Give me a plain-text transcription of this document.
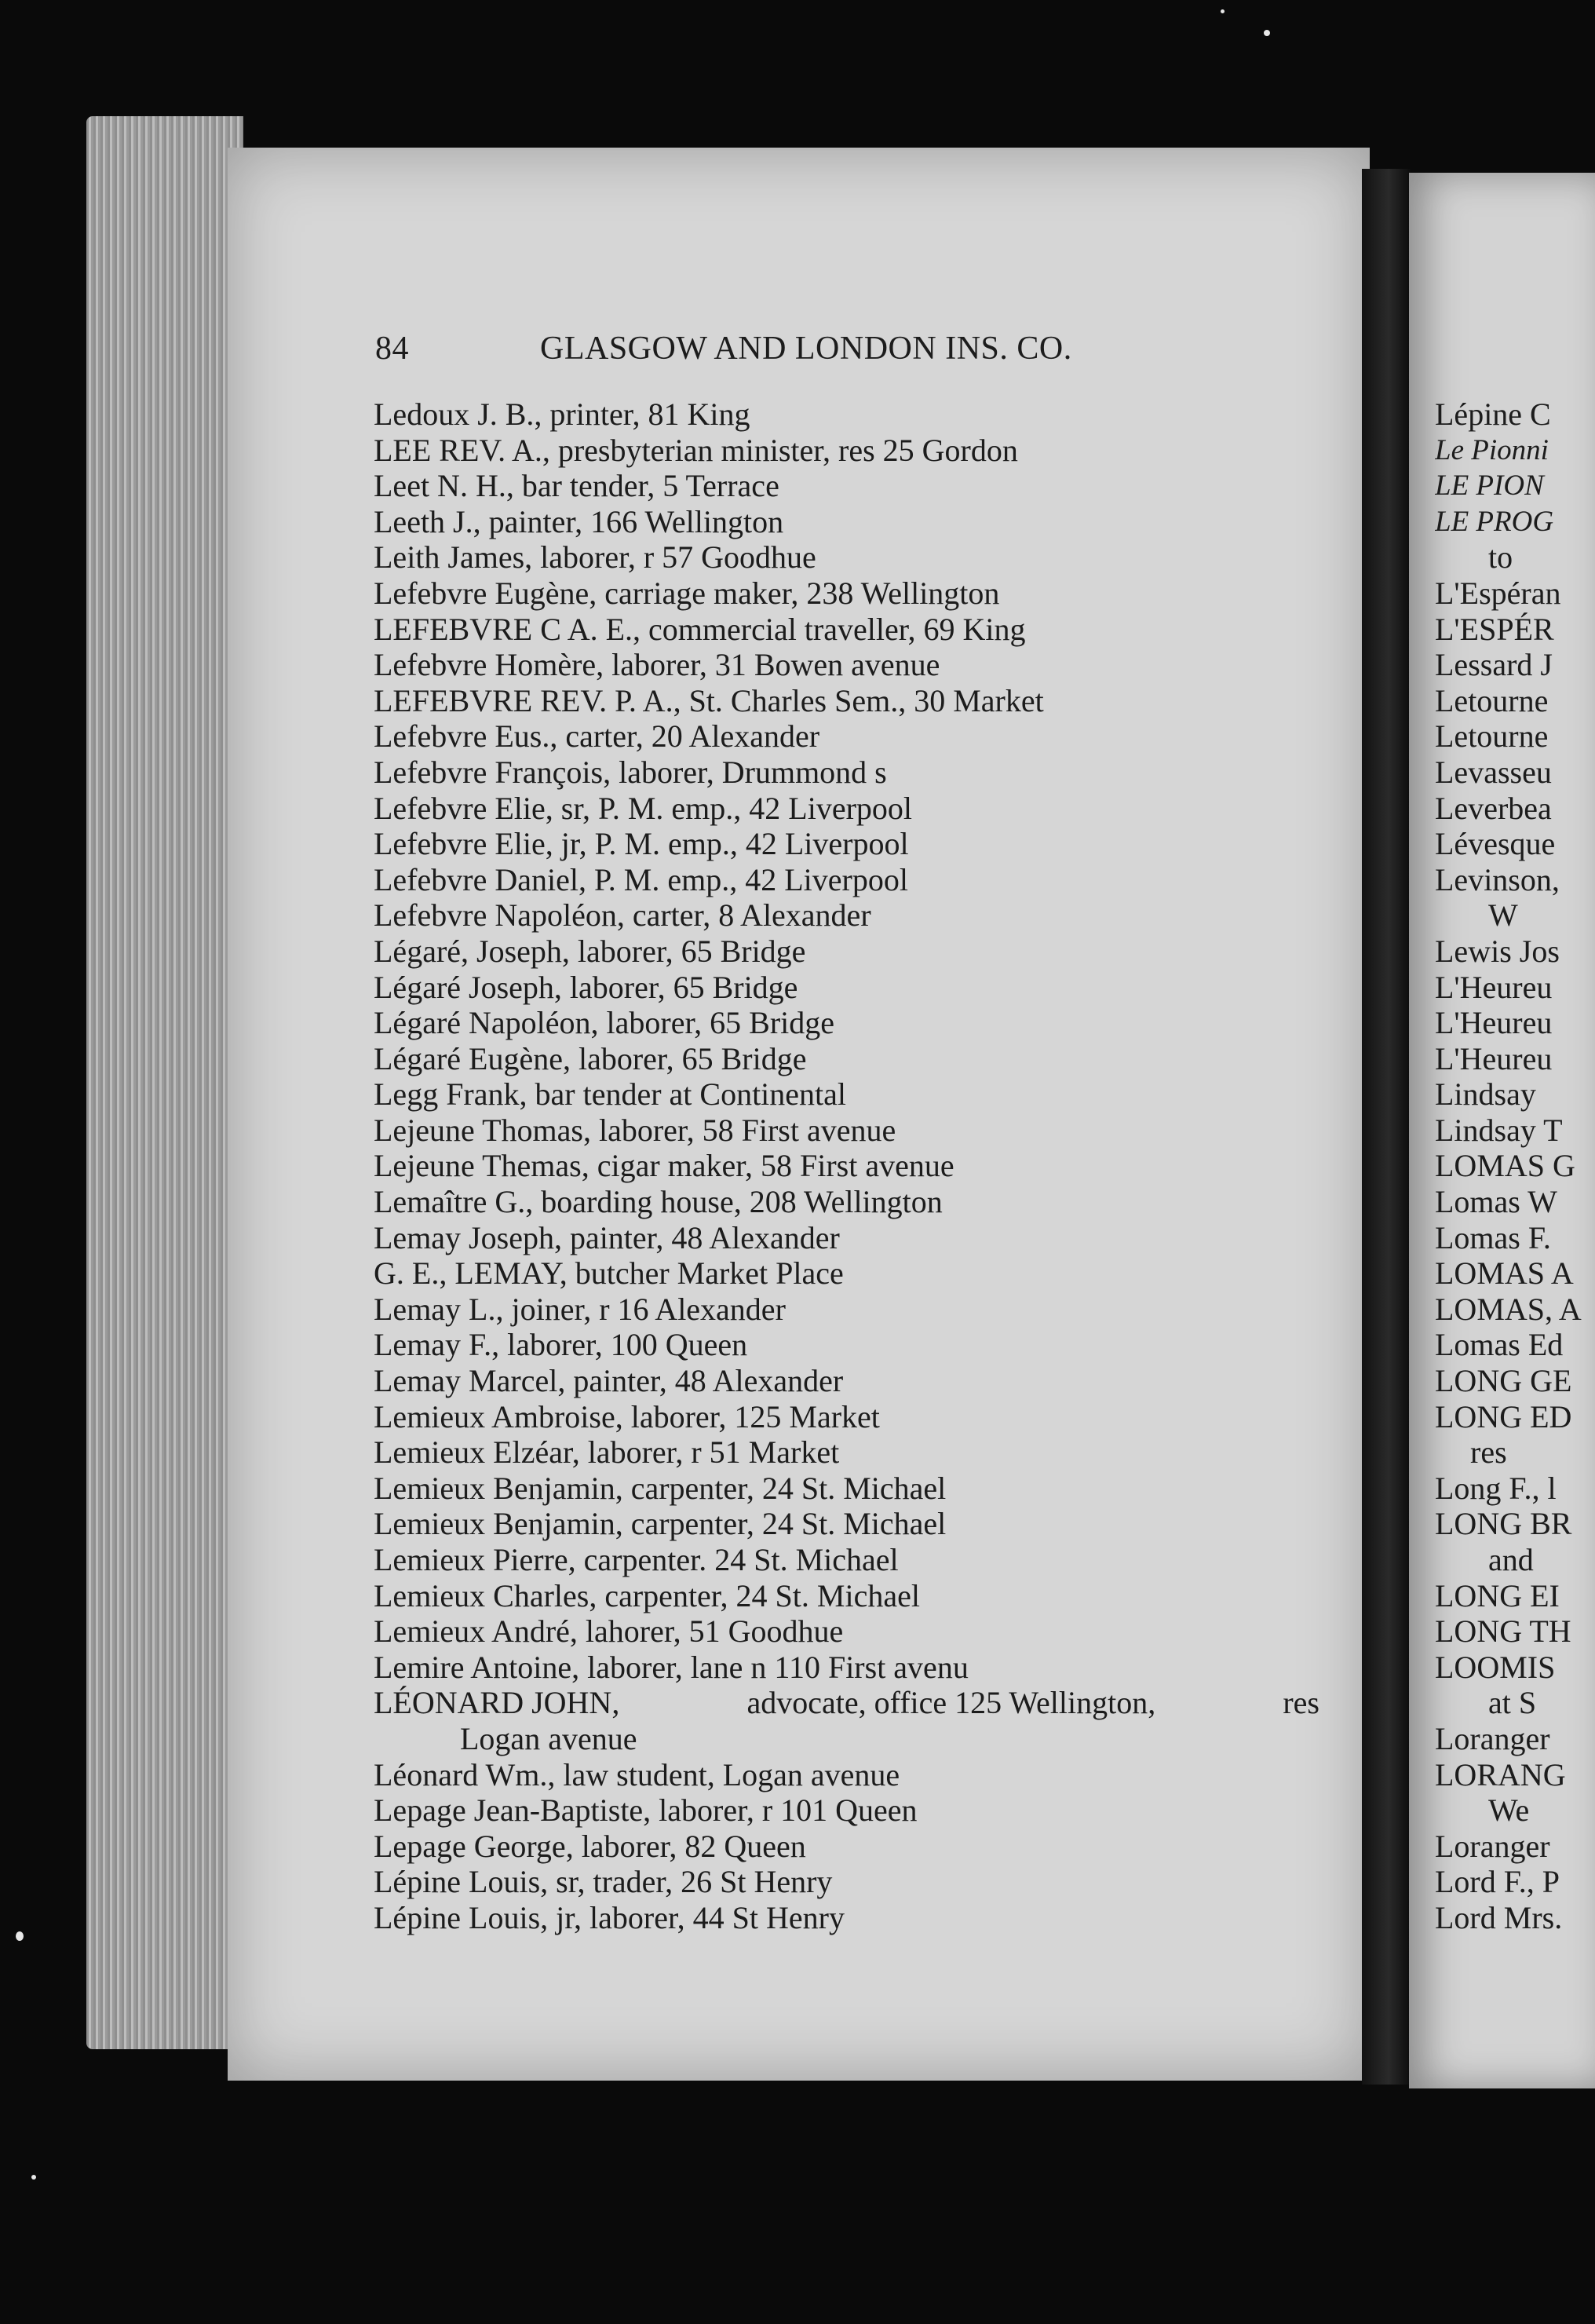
84	GLASGOW AND LONDON INS. CO.
Ledoux J. B., printer, 81 King
LEE REV. A., presbyterian minister, res 25 Gordon
Leet N. H., bar tender, 5 Terrace
Leeth J., painter, 166 Wellington
Leith James, laborer, r 57 Goodhue
Lefebvre Eugène, carriage maker, 238 Wellington
LEFEBVRE C A. E., commercial traveller, 69 King
Lefebvre Homère, laborer, 31 Bowen avenue
LEFEBVRE REV. P. A., St. Charles Sem., 30 Market
Lefebvre Eus., carter, 20 Alexander
Lefebvre François, laborer, Drummond s
Lefebvre Elie, sr, P. M. emp., 42 Liverpool
Lefebvre Elie, jr, P. M. emp., 42 Liverpool
Lefebvre Daniel, P. M. emp., 42 Liverpool
Lefebvre Napoléon, carter, 8 Alexander
Légaré, Joseph, laborer, 65 Bridge
Légaré Joseph, laborer, 65 Bridge
Légaré Napoléon, laborer, 65 Bridge
Légaré Eugène, laborer, 65 Bridge
Legg Frank, bar tender at Continental
Lejeune Thomas, laborer, 58 First avenue
Lejeune Themas, cigar maker, 58 First avenue
Lemaître G., boarding house, 208 Wellington
Lemay Joseph, painter, 48 Alexander
G. E., LEMAY, butcher Market Place
Lemay L., joiner, r 16 Alexander
Lemay F., laborer, 100 Queen
Lemay Marcel, painter, 48 Alexander
Lemieux Ambroise, laborer, 125 Market
Lemieux Elzéar, laborer, r 51 Market
Lemieux Benjamin, carpenter, 24 St. Michael
Lemieux Benjamin, carpenter, 24 St. Michael
Lemieux Pierre, carpenter. 24 St. Michael
Lemieux Charles, carpenter, 24 St. Michael
Lemieux André, lahorer, 51 Goodhue
Lemire Antoine, laborer, lane n 110 First avenu
LÉONARD JOHN,	advocate, office 125 Wellington,	res
Logan avenue
Léonard Wm., law student, Logan avenue
Lepage Jean-Baptiste, laborer, r 101 Queen
Lepage George, laborer, 82 Queen
Lépine Louis, sr, trader, 26 St Henry
Lépine Louis, jr, laborer, 44 St Henry
Lépine C
Le Pionni
LE PION
LE PROG
to
L'Espéran
L'ESPÉR
Lessard J
Letourne
Letourne
Levasseu
Leverbea
Lévesque
Levinson,
W
Lewis Jos
L'Heureu
L'Heureu
L'Heureu
Lindsay
Lindsay T
LOMAS G
Lomas W
Lomas F.
LOMAS A
LOMAS, A
Lomas Ed
LONG GE
LONG ED
res
Long F., l
LONG BR
and
LONG EI
LONG TH
LOOMIS
at S
Loranger
LORANG
We
Loranger
Lord F., P
Lord Mrs.
